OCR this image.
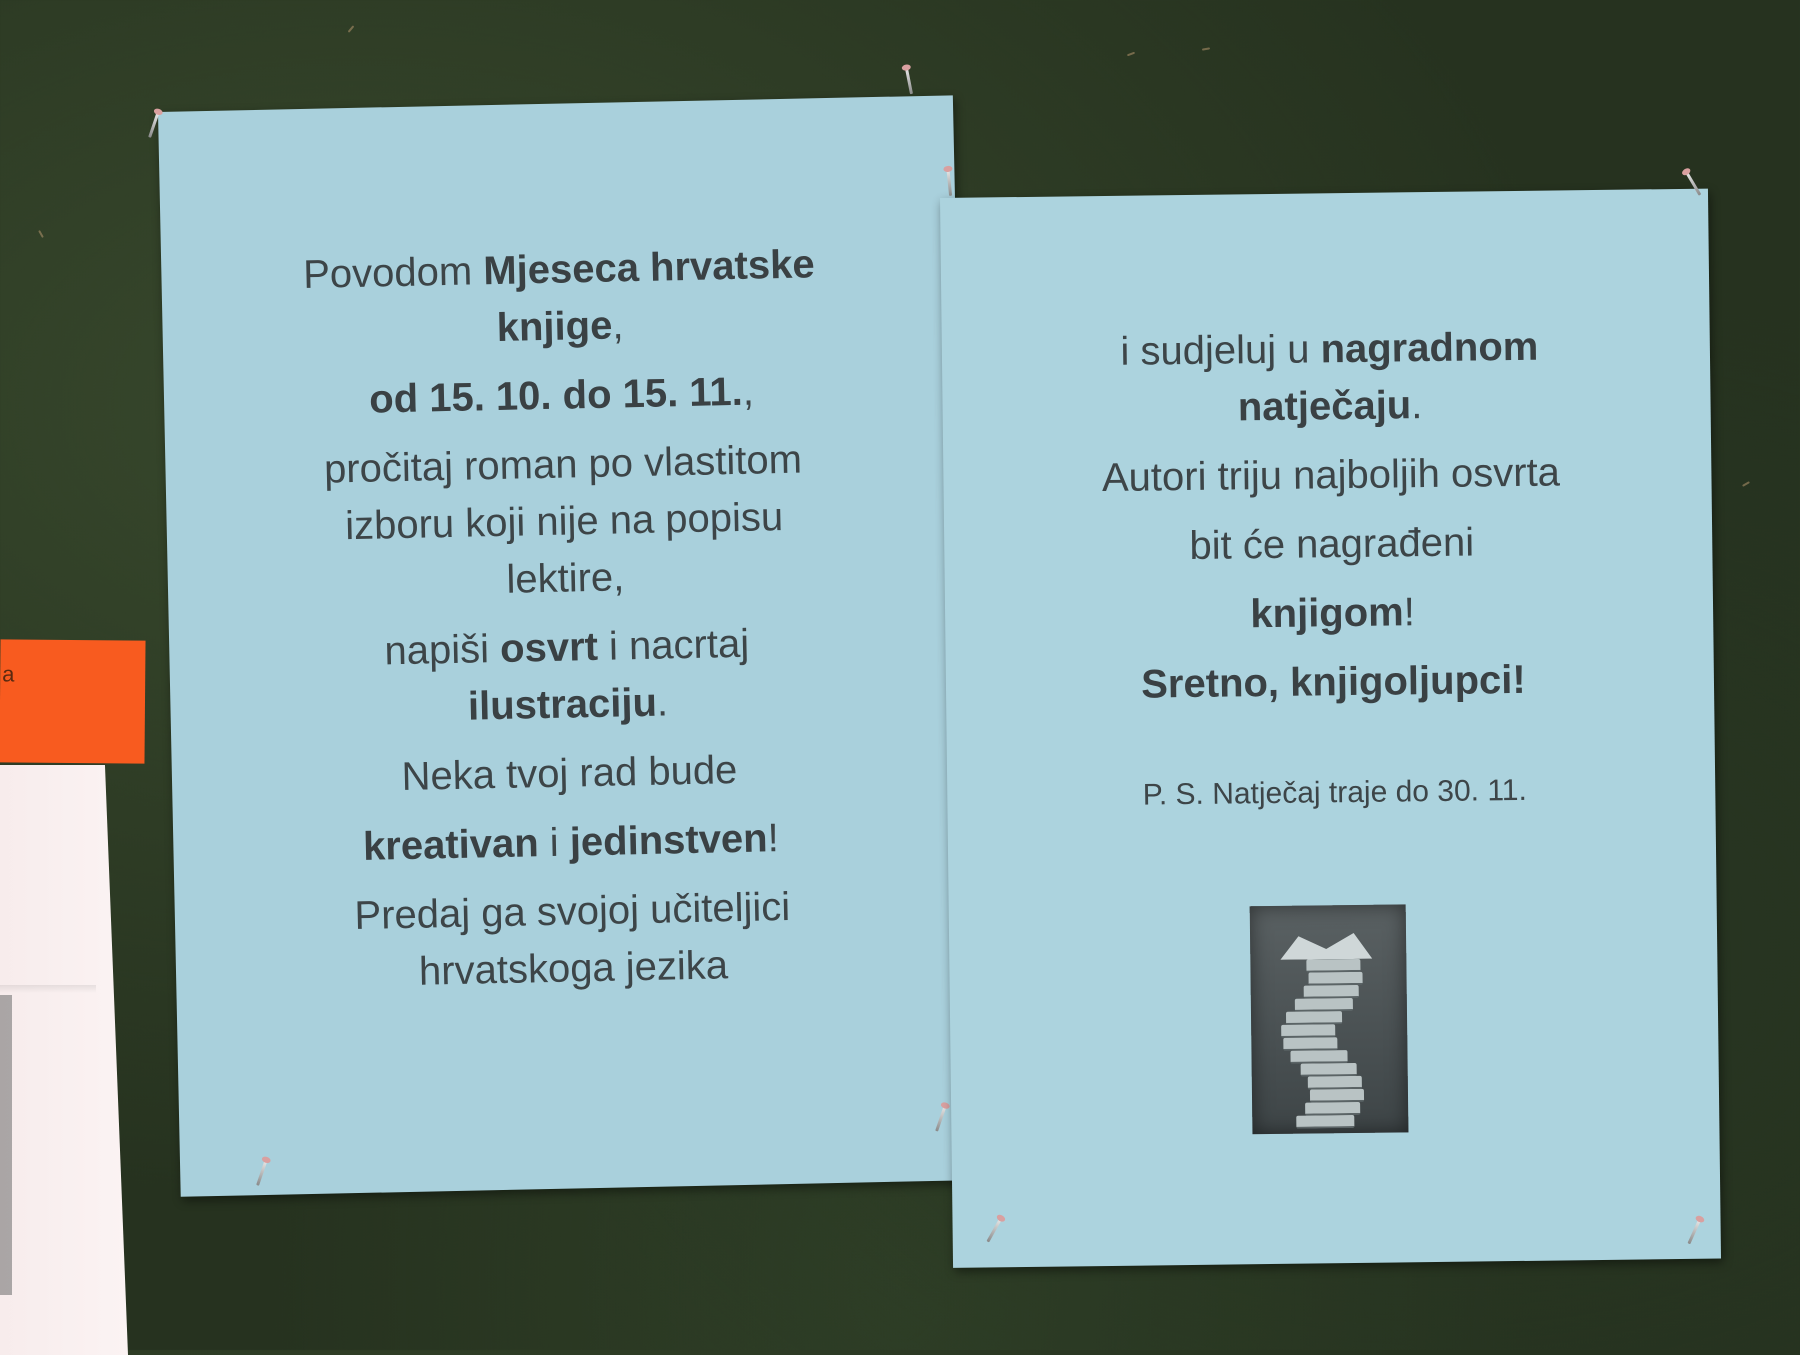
a

Povodom Mjeseca hrvatske

knjige,

od 15. 10. do 15. 11.,

pročitaj roman po vlastitom

izboru koji nije na popisu

lektire,

napiši osvrt i nacrtaj

ilustraciju.

Neka tvoj rad bude

kreativan i jedinstven!

Predaj ga svojoj učiteljici

hrvatskoga jezika

i sudjeluj u nagradnom

natječaju.

Autori triju najboljih osvrta

bit će nagrađeni

knjigom!

Sretno, knjigoljupci!

P. S. Natječaj traje do 30. 11.
